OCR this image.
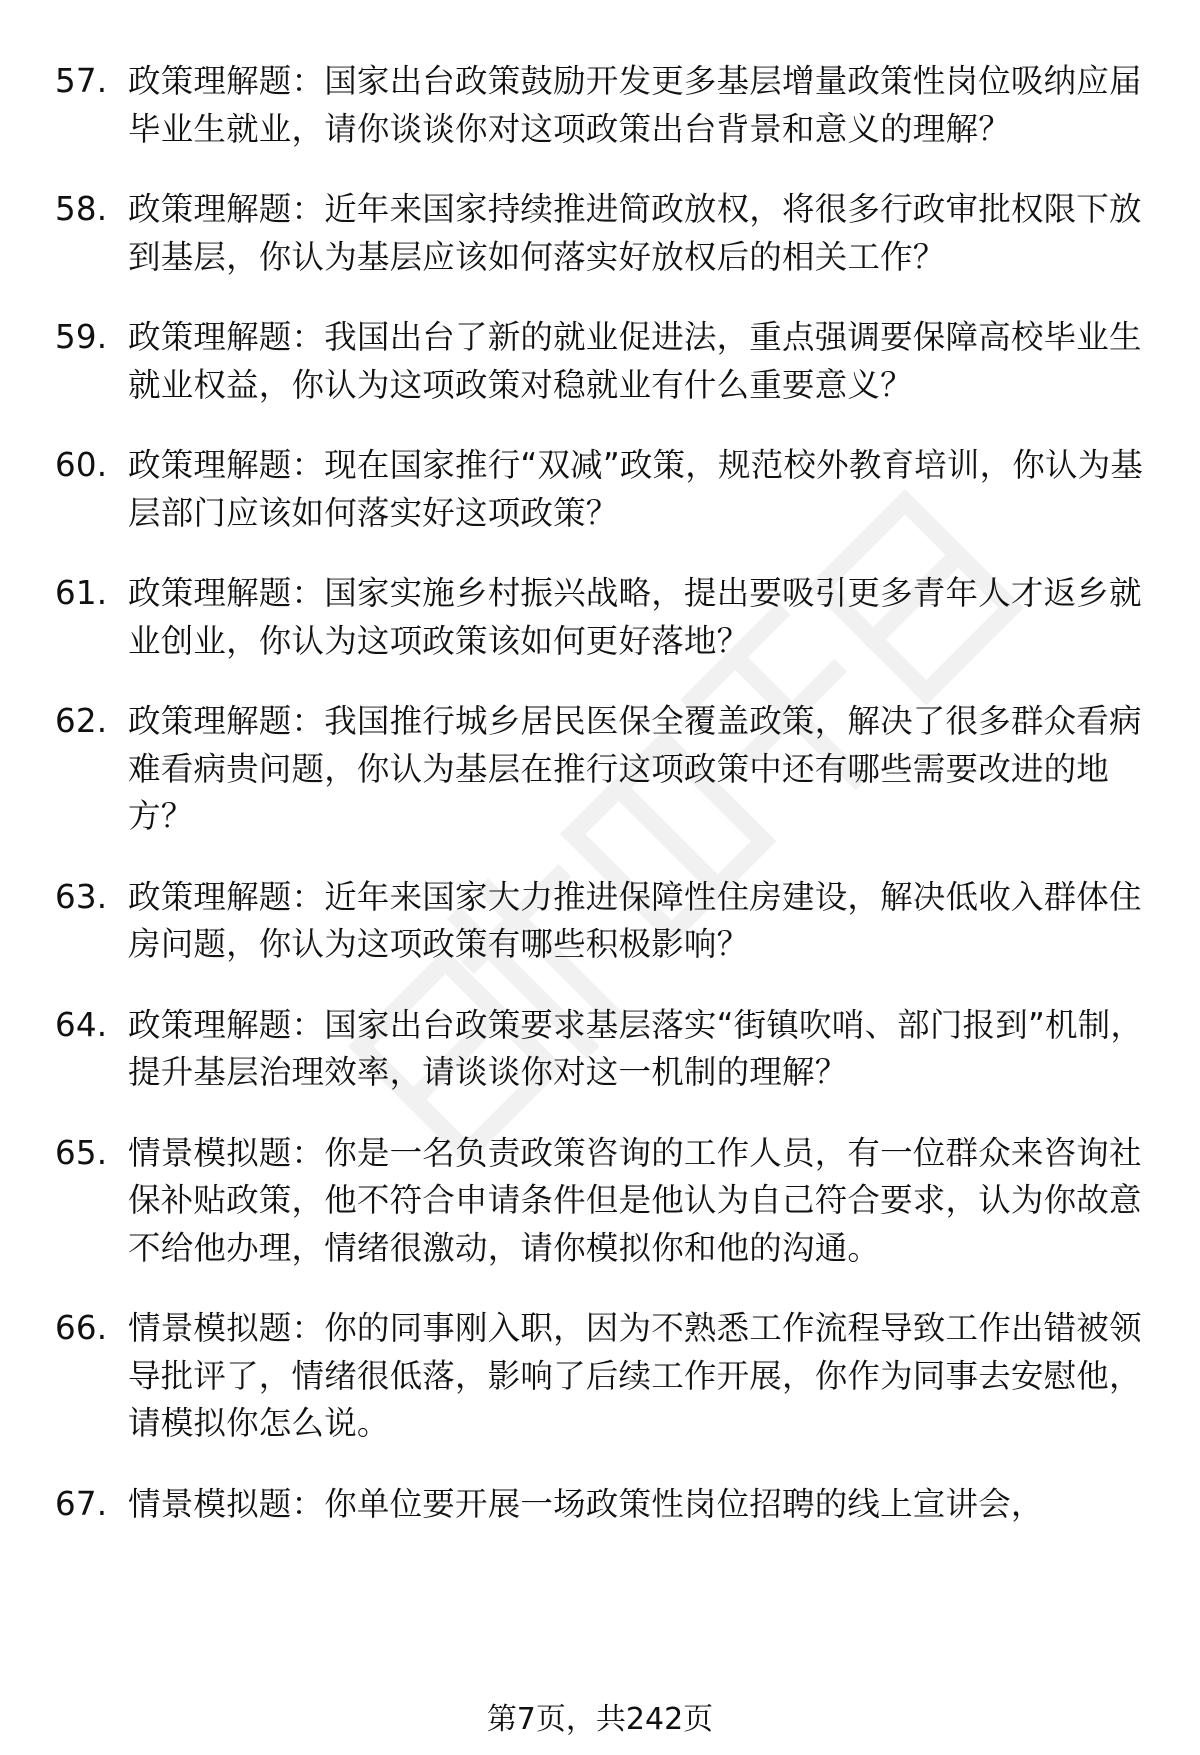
57. 政策理解题：国家出台政策鼓励开发更多基层增量政策性岗位吸纳应届毕业生就业，请你谈谈你对这项政策出台背景和意义的理解？
58. 政策理解题：近年来国家持续推进简政放权，将很多行政审批权限下放到基层，你认为基层应该如何落实好放权后的相关工作？
59. 政策理解题：我国出台了新的就业促进法，重点强调要保障高校毕业生就业权益，你认为这项政策对稳就业有什么重要意义？
60. 政策理解题：现在国家推行“双减”政策，规范校外教育培训，你认为基层部门应该如何落实好这项政策？
61. 政策理解题：国家实施乡村振兴战略，提出要吸引更多青年人才返乡就业创业，你认为这项政策该如何更好落地？
62. 政策理解题：我国推行城乡居民医保全覆盖政策，解决了很多群众看病难看病贵问题，你认为基层在推行这项政策中还有哪些需要改进的地方？
63. 政策理解题：近年来国家大力推进保障性住房建设，解决低收入群体住房问题，你认为这项政策有哪些积极影响？
64. 政策理解题：国家出台政策要求基层落实“街镇吹哨、部门报到”机制，提升基层治理效率，请谈谈你对这一机制的理解？
65. 情景模拟题：你是一名负责政策咨询的工作人员，有一位群众来咨询社保补贴政策，他不符合申请条件但是他认为自己符合要求，认为你故意不给他办理，情绪很激动，请你模拟你和他的沟通。
66. 情景模拟题：你的同事刚入职，因为不熟悉工作流程导致工作出错被领导批评了，情绪很低落，影响了后续工作开展，你作为同事去安慰他，请模拟你怎么说。
67. 情景模拟题：你单位要开展一场政策性岗位招聘的线上宣讲会，
第7页，共242页
